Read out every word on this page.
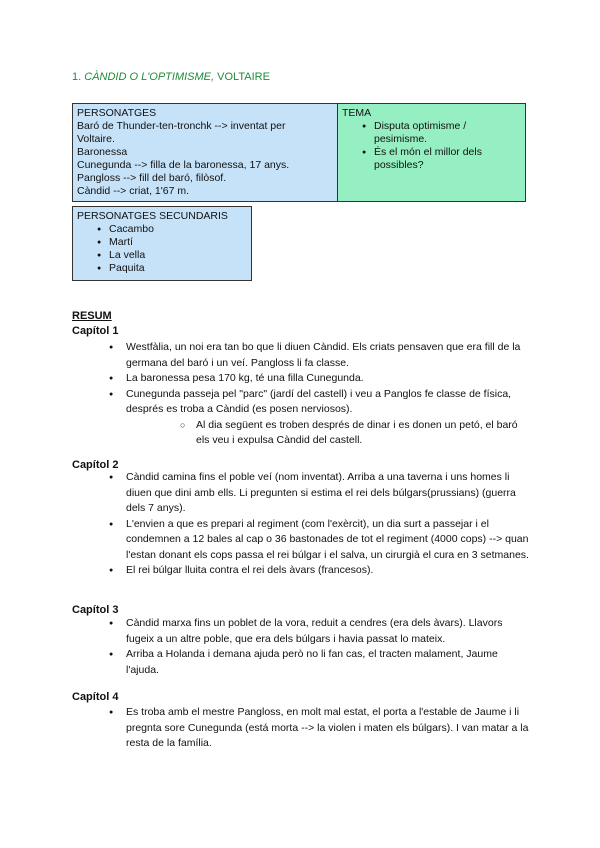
1. CÀNDID O L'OPTIMISME, VOLTAIRE
PERSONATGES
Baró de Thunder-ten-tronchk --> inventat per
Voltaire.
Baronessa
Cunegunda --> filla de la baronessa, 17 anys.
Pangloss --> fill del baró, filòsof.
Càndid --> criat, 1'67 m.
TEMA
● Disputa optimisme / pesimisme.
● És el món el millor dels possibles?
PERSONATGES SECUNDARIS
● Cacambo
● Martí
● La vella
● Paquita
RESUM
Capítol 1
● Westfàlia, un noi era tan bo que li diuen Càndid. Els criats pensaven que era fill de la germana del baró i un veí. Pangloss li fa classe.
● La baronessa pesa 170 kg, té una filla Cunegunda.
● Cunegunda passeja pel "parc" (jardí del castell) i veu a Panglos fe classe de física, després es troba a Càndid (es posen nerviosos).
○ Al dia següent es troben després de dinar i es donen un petó, el baró els veu i expulsa Càndid del castell.
Capítol 2
● Càndid camina fins el poble veí (nom inventat). Arriba a una taverna i uns homes li diuen que dini amb ells. Li pregunten si estima el rei dels búlgars(prussians) (guerra dels 7 anys).
● L'envien a que es prepari al regiment (com l'exèrcit), un dia surt a passejar i el condemnen a 12 bales al cap o 36 bastonades de tot el regiment (4000 cops) --> quan l'estan donant els cops passa el rei búlgar i el salva, un cirurgià el cura en 3 setmanes.
● El rei búlgar lluita contra el rei dels àvars (francesos).
Capítol 3
● Càndid marxa fins un poblet de la vora, reduit a cendres (era dels àvars). Llavors fugeix a un altre poble, que era dels búlgars i havia passat lo mateix.
● Arriba a Holanda i demana ajuda però no li fan cas, el tracten malament, Jaume l'ajuda.
Capítol 4
● Es troba amb el mestre Pangloss, en molt mal estat, el porta a l'estable de Jaume i li pregnta sore Cunegunda (está morta --> la violen i maten els búlgars). I van matar a la resta de la família.
